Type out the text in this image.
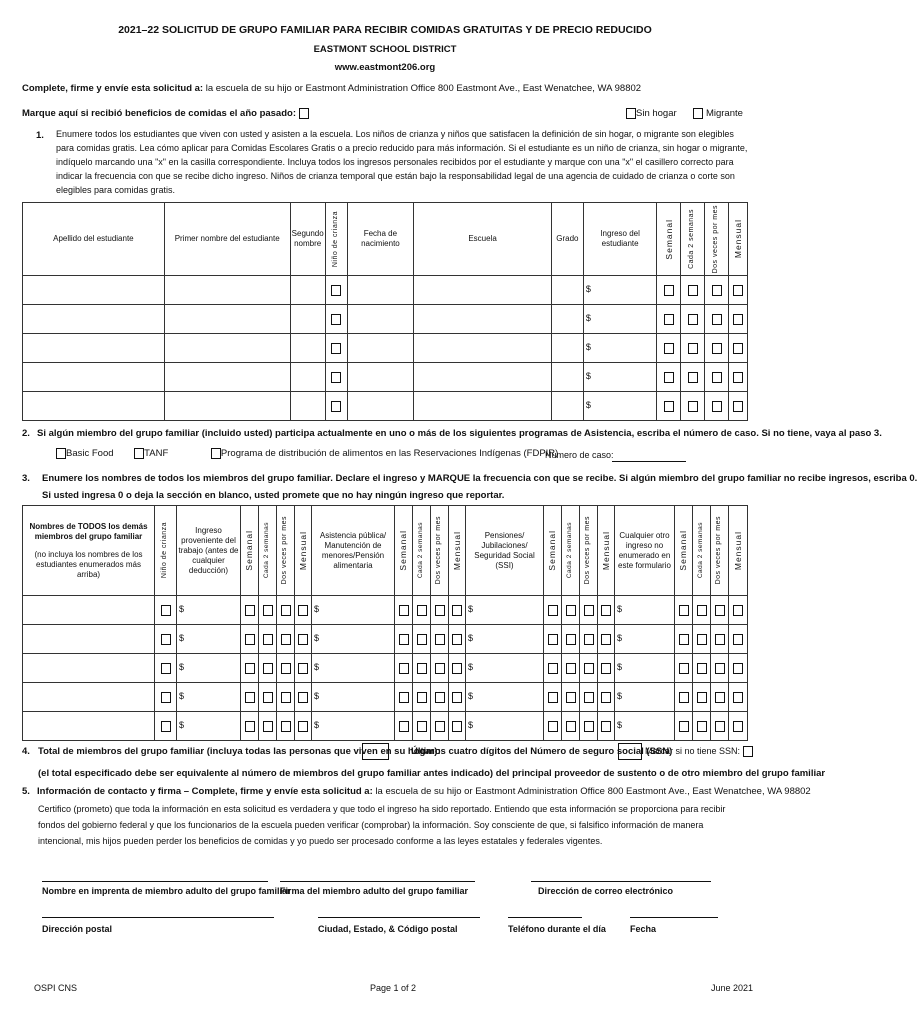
2021–22 SOLICITUD DE GRUPO FAMILIAR PARA RECIBIR COMIDAS GRATUITAS Y DE PRECIO REDUCIDO
EASTMONT SCHOOL DISTRICT
www.eastmont206.org
Complete, firme y envíe esta solicitud a: la escuela de su hijo or Eastmont Administration Office 800 Eastmont Ave., East Wenatchee, WA 98802
Marque aquí si recibió beneficios de comidas el año pasado:	Sin hogar	Migrante
1. Enumere todos los estudiantes que viven con usted y asisten a la escuela. Los niños de crianza y niños que satisfacen la definición de sin hogar, o migrante son elegibles para comidas gratis. Lea cómo aplicar para Comidas Escolares Gratis o a precio reducido para más información. Si el estudiante es un niño de crianza, sin hogar o migrante, indíquelo marcando una "x" en la casilla correspondiente. Incluya todos los ingresos personales recibidos por el estudiante y marque con una "x" el casillero correcto para indicar la frecuencia con que se recibe dicho ingreso. Niños de crianza temporal que están bajo la responsabilidad legal de una agencia de cuidado de crianza o corte son elegibles para comidas gratis.

Apellido del estudiante	Primer nombre del estudiante	Segundo nombre	Niño de crianza	Fecha de nacimiento	Escuela	Grado	Ingreso del estudiante	Semanal	Cada 2 semanas	Dos veces por mes	Mensual

							$				
							$				
							$				
							$				
							$				
2. Si algún miembro del grupo familiar (incluido usted) participa actualmente en uno o más de los siguientes programas de Asistencia, escriba el número de caso. Si no tiene, vaya al paso 3.
Basic Food	TANF	Programa de distribución de alimentos en las Reservaciones Indígenas (FDPIR)
Numero de caso:
3. Enumere los nombres de todos los miembros del grupo familiar. Declare el ingreso y MARQUE la frecuencia con que se recibe. Si algún miembro del grupo familiar no recibe ingresos, escriba 0.
Si usted ingresa 0 o deja la sección en blanco, usted promete que no hay ningún ingreso que reportar.
Nombres de TODOS los demás miembros del grupo familiar
(no incluya los nombres de los estudiantes enumerados más arriba)	Niño de crianza	Ingreso proveniente del trabajo (antes de cualquier deducción)	Semanal	Cada 2 semanas	Dos veces por mes	Mensual	Asistencia pública/ Manutención de menores/Pensión alimentaria	Semanal	Cada 2 semanas	Dos veces por mes	Mensual	Pensiones/ Jubilaciones/ Seguridad Social (SSI)	Semanal	Cada 2 semanas	Dos veces por mes	Mensual	Cualquier otro ingreso no enumerado en este formulario	Semanal	Cada 2 semanas	Dos veces por mes	Mensual

		$					$					$					$				
		$					$					$					$				
		$					$					$					$				
		$					$					$					$				
		$					$					$					$				
4. Total de miembros del grupo familiar (incluya todas las personas que viven en su hogar):
Últimos cuatro dígitos del Número de seguro social (SSN)
Marcar si no tiene SSN:
(el total especificado debe ser equivalente al número de miembros del grupo familiar antes indicado) del principal proveedor de sustento o de otro miembro del grupo familiar
5. Información de contacto y firma – Complete, firme y envíe esta solicitud a: la escuela de su hijo or Eastmont Administration Office 800 Eastmont Ave., East Wenatchee, WA 98802

Certifico (prometo) que toda la información en esta solicitud es verdadera y que todo el ingreso ha sido reportado. Entiendo que esta información se proporciona para recibir fondos del gobierno federal y que los funcionarios de la escuela pueden verificar (comprobar) la información. Soy consciente de que, si falsifico información de manera intencional, mis hijos pueden perder los beneficios de comidas y yo puedo ser procesado conforme a las leyes estatales y federales vigentes.

Nombre en imprenta de miembro adulto del grupo familiar
Firma del miembro adulto del grupo familiar	Dirección de correo electrónico
Dirección postal	Ciudad, Estado, & Código postal	Teléfono durante el día	Fecha
OSPI CNS	Page 1 of 2	June 2021
